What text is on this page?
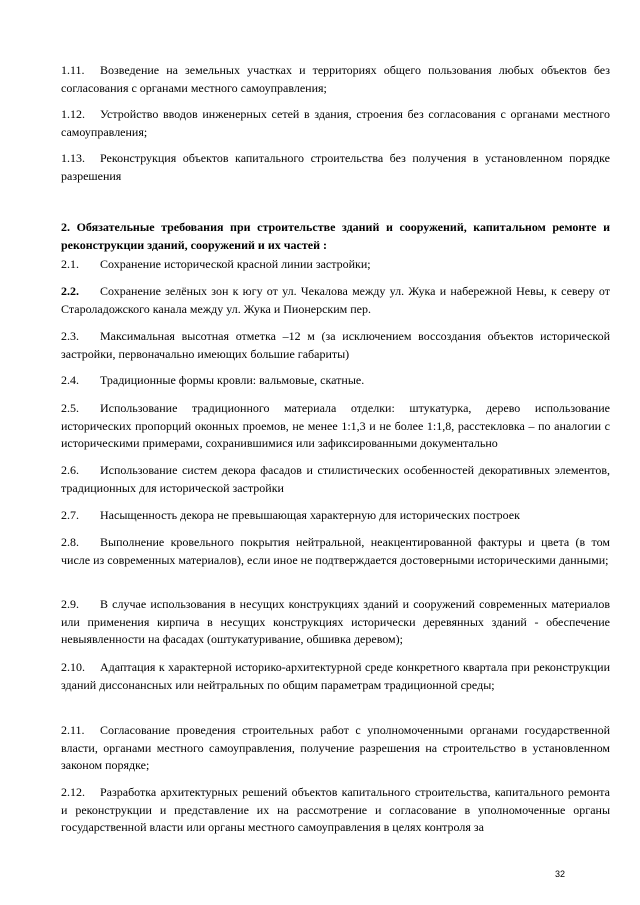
1.11. Возведение на земельных участках и территориях общего пользования любых объектов без согласования с органами местного самоуправления;

1.12. Устройство вводов инженерных сетей в здания, строения без согласования с органами местного самоуправления;

1.13. Реконструкция объектов капитального строительства без получения в установленном порядке разрешения

2. Обязательные требования при строительстве зданий и сооружений, капитальном ремонте и реконструкции зданий, сооружений и их частей :

2.1. Сохранение исторической красной линии застройки;

2.2. Сохранение зелёных зон к югу от ул. Чекалова между ул. Жука и набережной Невы, к северу от Староладожского канала между ул. Жука и Пионерским пер.

2.3. Максимальная высотная отметка –12 м (за исключением воссоздания объектов исторической застройки, первоначально имеющих большие габариты)

2.4. Традиционные формы кровли: вальмовые, скатные.

2.5. Использование традиционного материала отделки: штукатурка, дерево использование исторических пропорций оконных проемов, не менее 1:1,3 и не более 1:1,8, расстекловка – по аналогии с историческими примерами, сохранившимися или зафиксированными документально

2.6. Использование систем декора фасадов и стилистических особенностей декоративных элементов, традиционных для исторической застройки

2.7. Насыщенность декора не превышающая характерную для исторических построек

2.8. Выполнение кровельного покрытия нейтральной, неакцентированной фактуры и цвета (в том числе из современных материалов), если иное не подтверждается достоверными историческими данными;

2.9. В случае использования в несущих конструкциях зданий и сооружений современных материалов или применения кирпича в несущих конструкциях исторически деревянных зданий - обеспечение невыявленности на фасадах (оштукатуривание, обшивка деревом);

2.10. Адаптация к характерной историко-архитектурной среде конкретного квартала при реконструкции зданий диссонансных или нейтральных по общим параметрам традиционной среды;

2.11. Согласование проведения строительных работ с уполномоченными органами государственной власти, органами местного самоуправления, получение разрешения на строительство в установленном законом порядке;

2.12. Разработка архитектурных решений объектов капитального строительства, капитального ремонта и реконструкции и представление их на рассмотрение и согласование в уполномоченные органы государственной власти или органы местного самоуправления в целях контроля за

32
